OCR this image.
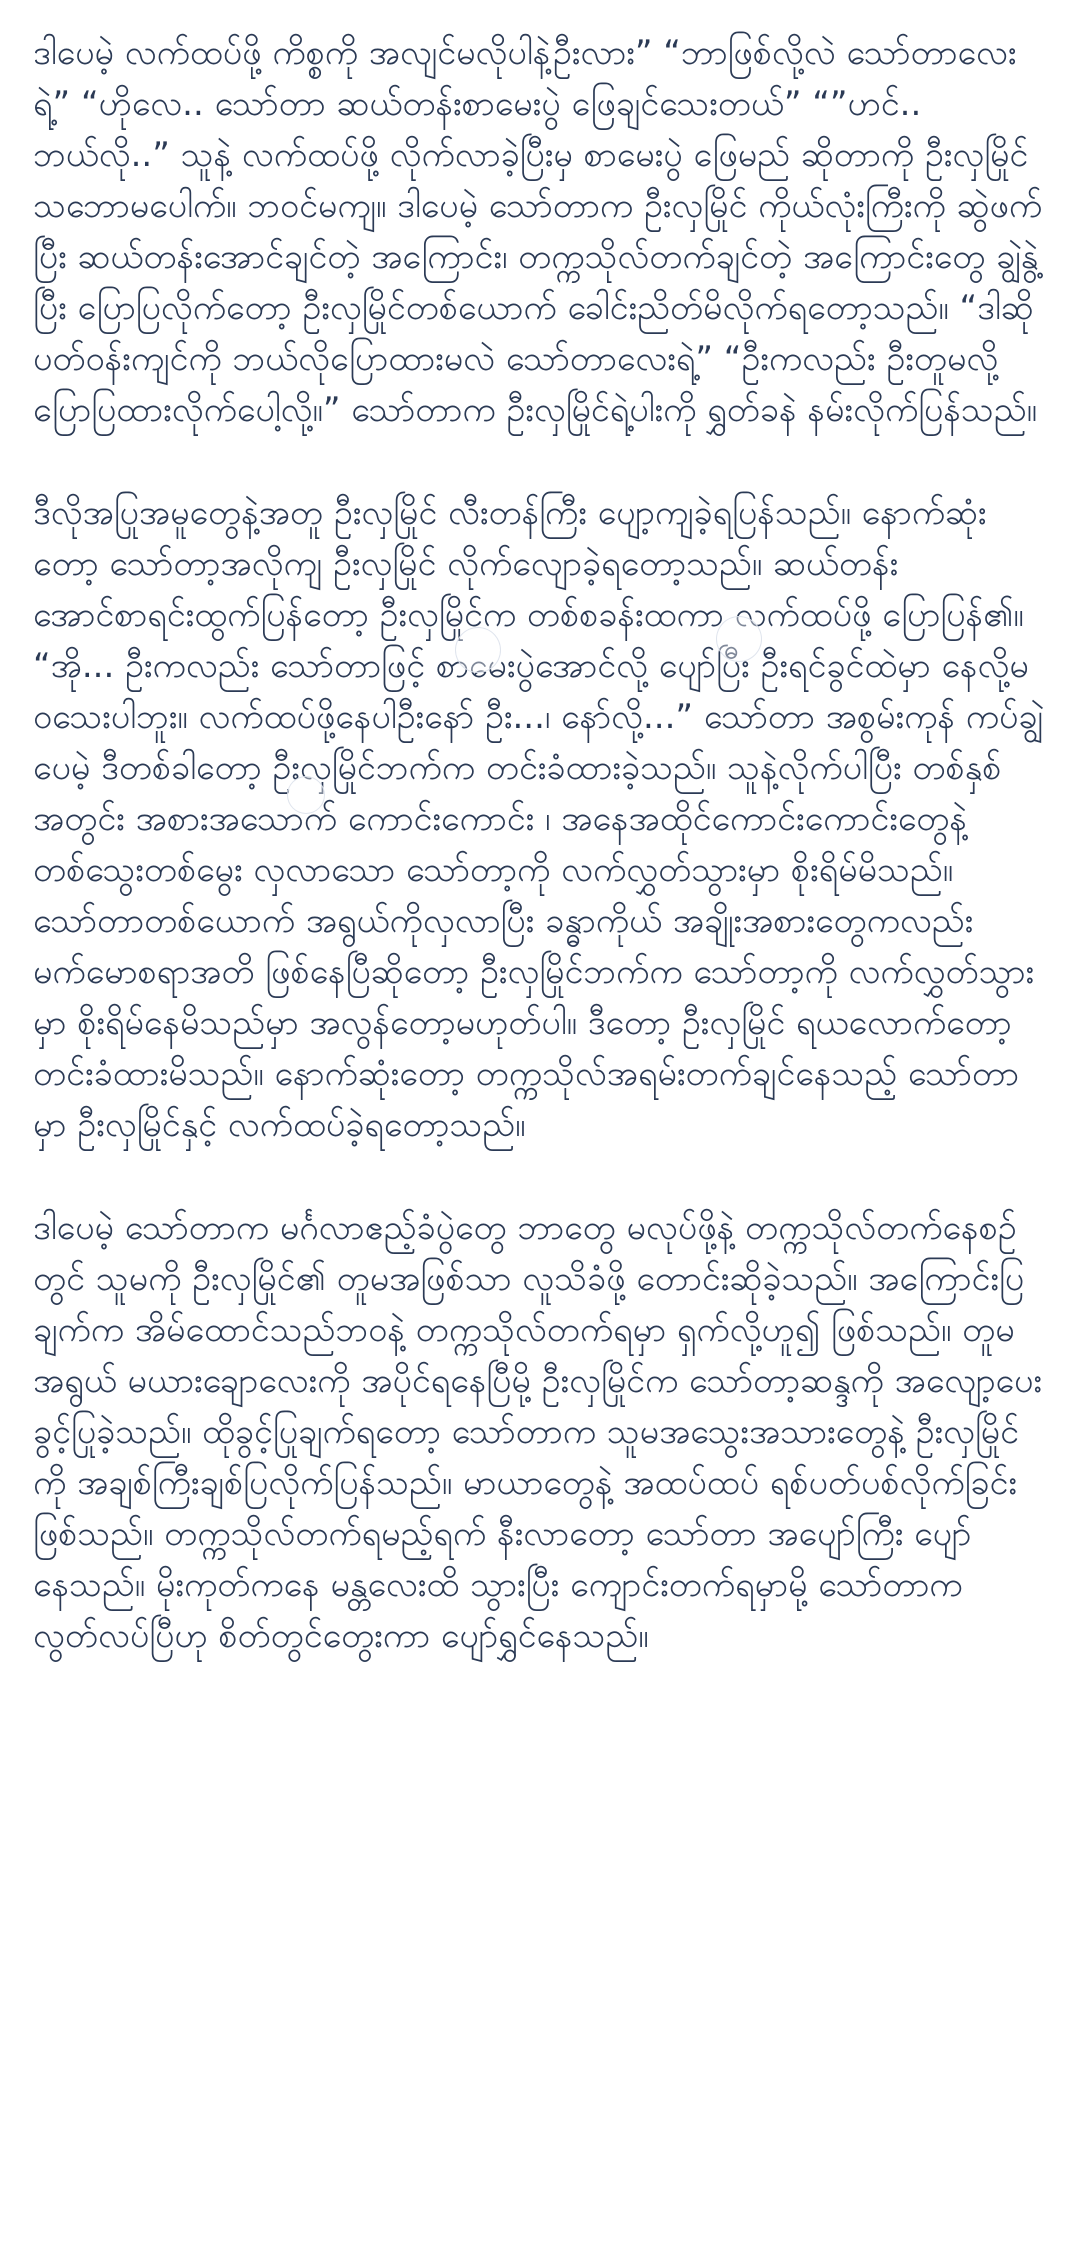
ဒါပေမဲ့ လက်ထပ်ဖို့ ကိစ္စကို အလျင်မလိုပါနဲ့ဦးလား” “ဘာဖြစ်လို့လဲ သော်တာလေးရဲ့” “ဟိုလေ.. သော်တာ ဆယ်တန်းစာမေးပွဲ ဖြေချင်သေးတယ်” “”ဟင်.. ဘယ်လို..” သူနဲ့ လက်ထပ်ဖို့ လိုက်လာခဲ့ပြီးမှ စာမေးပွဲ ဖြေမည် ဆိုတာကို ဦးလှမြိုင် သဘောမပေါက်။ ဘဝင်မကျ။ ဒါပေမဲ့ သော်တာက ဦးလှမြိုင် ကိုယ်လုံးကြီးကို ဆွဲဖက်ပြီး ဆယ်တန်းအောင်ချင်တဲ့ အကြောင်း၊ တက္ကသိုလ်တက်ချင်တဲ့ အကြောင်းတွေ ချွဲနွဲ့ပြီး ပြောပြလိုက်တော့ ဦးလှမြိုင်တစ်ယောက် ခေါင်းညိတ်မိလိုက်ရတော့သည်။ “ဒါဆို ပတ်ဝန်းကျင်ကို ဘယ်လိုပြောထားမလဲ သော်တာလေးရဲ့” “ဦးကလည်း ဦးတူမလို့ ပြောပြထားလိုက်ပေါ့လို့။” သော်တာက ဦးလှမြိုင်ရဲ့ပါးကို ရွှတ်ခနဲ နမ်းလိုက်ပြန်သည်။

ဒီလိုအပြုအမူတွေနဲ့အတူ ဦးလှမြိုင် လီးတန်ကြီး ပျော့ကျခဲ့ရပြန်သည်။ နောက်ဆုံးတော့ သော်တာ့အလိုကျ ဦးလှမြိုင် လိုက်လျောခဲ့ရတော့သည်။ ဆယ်တန်းအောင်စာရင်းထွက်ပြန်တော့ ဦးလှမြိုင်က တစ်စခန်းထကာ လက်ထပ်ဖို့ ပြောပြန်၏။ “အို... ဦးကလည်း သော်တာဖြင့် စာမေးပွဲအောင်လို့ ပျော်ပြီး ဦးရင်ခွင်ထဲမှာ နေလို့မဝသေးပါဘူး။ လက်ထပ်ဖို့နေပါဦးနော် ဦး...၊ နော်လို့...” သော်တာ အစွမ်းကုန် ကပ်ချွဲပေမဲ့ ဒီတစ်ခါတော့ ဦးလှမြိုင်ဘက်က တင်းခံထားခဲ့သည်။ သူနဲ့လိုက်ပါပြီး တစ်နှစ်အတွင်း အစားအသောက် ကောင်းကောင်း ၊ အနေအထိုင်ကောင်းကောင်းတွေနဲ့ တစ်သွေးတစ်မွေး လှလာသော သော်တာ့ကို လက်လွှတ်သွားမှာ စိုးရိမ်မိသည်။ သော်တာတစ်ယောက် အရွယ်ကိုလှလာပြီး ခန္ဓာကိုယ် အချိုးအစားတွေကလည်း မက်မောစရာအတိ ဖြစ်နေပြီဆိုတော့ ဦးလှမြိုင်ဘက်က သော်တာ့ကို လက်လွှတ်သွားမှာ စိုးရိမ်နေမိသည်မှာ အလွန်တော့မဟုတ်ပါ။ ဒီတော့ ဦးလှမြိုင် ရယလောက်တော့ တင်းခံထားမိသည်။ နောက်ဆုံးတော့ တက္ကသိုလ်အရမ်းတက်ချင်နေသည့် သော်တာမှာ ဦးလှမြိုင်နှင့် လက်ထပ်ခဲ့ရတော့သည်။

ဒါပေမဲ့ သော်တာက မင်္ဂလာဧည့်ခံပွဲတွေ ဘာတွေ မလုပ်ဖို့နဲ့ တက္ကသိုလ်တက်နေစဉ်တွင် သူမကို ဦးလှမြိုင်၏ တူမအဖြစ်သာ လူသိခံဖို့ တောင်းဆိုခဲ့သည်။ အကြောင်းပြချက်က အိမ်ထောင်သည်ဘဝနဲ့ တက္ကသိုလ်တက်ရမှာ ရှက်လို့ဟူ၍ ဖြစ်သည်။ တူမအရွယ် မယားချောလေးကို အပိုင်ရနေပြီမို့ ဦးလှမြိုင်က သော်တာ့ဆန္ဒကို အလျော့ပေးခွင့်ပြုခဲ့သည်။ ထိုခွင့်ပြုချက်ရတော့ သော်တာက သူမအသွေးအသားတွေနဲ့ ဦးလှမြိုင်ကို အချစ်ကြီးချစ်ပြလိုက်ပြန်သည်။ မာယာတွေနဲ့ အထပ်ထပ် ရစ်ပတ်ပစ်လိုက်ခြင်း ဖြစ်သည်။ တက္ကသိုလ်တက်ရမည့်ရက် နီးလာတော့ သော်တာ အပျော်ကြီး ပျော်နေသည်။ မိုးကုတ်ကနေ မန္တလေးထိ သွားပြီး ကျောင်းတက်ရမှာမို့ သော်တာက လွတ်လပ်ပြီဟု စိတ်တွင်တွေးကာ ပျော်ရွှင်နေသည်။
